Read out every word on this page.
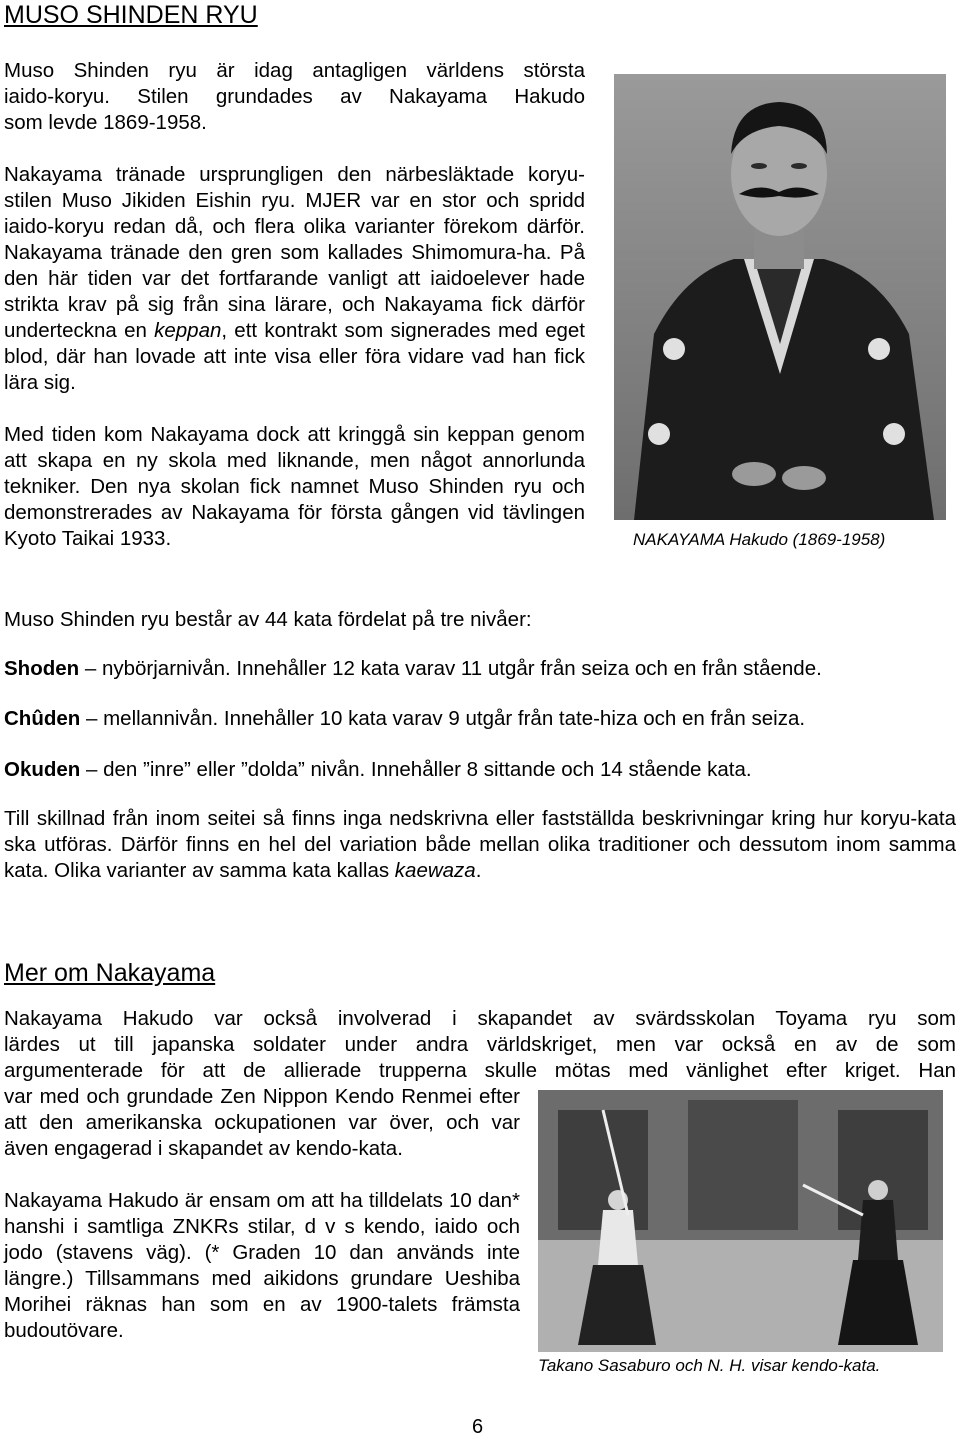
MUSO SHINDEN RYU

Muso Shinden ryu är idag antagligen världens största
iaido-koryu. Stilen grundades av Nakayama Hakudo
som levde 1869-1958.

Nakayama tränade ursprungligen den närbesläktade koryu-stilen Muso Jikiden Eishin ryu. MJER var en stor och spridd iaido-koryu redan då, och flera olika varianter förekom därför. Nakayama tränade den gren som kallades Shimomura-ha. På den här tiden var det fortfarande vanligt att iaidoelever hade strikta krav på sig från sina lärare, och Nakayama fick därför underteckna en keppan, ett kontrakt som signerades med eget blod, där han lovade att inte visa eller föra vidare vad han fick lära sig.

Med tiden kom Nakayama dock att kringgå sin keppan genom att skapa en ny skola med liknande, men något annorlunda tekniker. Den nya skolan fick namnet Muso Shinden ryu och demonstrerades av Nakayama för första gången vid tävlingen Kyoto Taikai 1933.	NAKAYAMA Hakudo (1869-1958)
Muso Shinden ryu består av 44 kata fördelat på tre nivåer:
Shoden – nybörjarnivån. Innehåller 12 kata varav 11 utgår från seiza och en från stående.
Chûden – mellannivån. Innehåller 10 kata varav 9 utgår från tate-hiza och en från seiza.
Okuden – den ”inre” eller ”dolda” nivån. Innehåller 8 sittande och 14 stående kata.

Till skillnad från inom seitei så finns inga nedskrivna eller fastställda beskrivningar kring hur koryu-kata ska utföras. Därför finns en hel del variation både mellan olika traditioner och dessutom inom samma kata. Olika varianter av samma kata kallas kaewaza.

Mer om Nakayama
Nakayama Hakudo var också involverad i skapandet av svärdsskolan Toyama ryu som
lärdes ut till japanska soldater under andra världskriget, men var också en av de som
argumenterade för att de allierade trupperna skulle mötas med vänlighet efter kriget. Han

var med och grundade Zen Nippon Kendo Renmei efter att den amerikanska ockupationen var över, och var även engagerad i skapandet av kendo-kata.

Nakayama Hakudo är ensam om att ha tilldelats 10 dan* hanshi i samtliga ZNKRs stilar, d v s kendo, iaido och jodo (stavens väg). (* Graden 10 dan används inte längre.) Tillsammans med aikidons grundare Ueshiba Morihei räknas han som en av 1900-talets främsta budoutövare.

Takano Sasaburo och N. H. visar kendo-kata.
6
